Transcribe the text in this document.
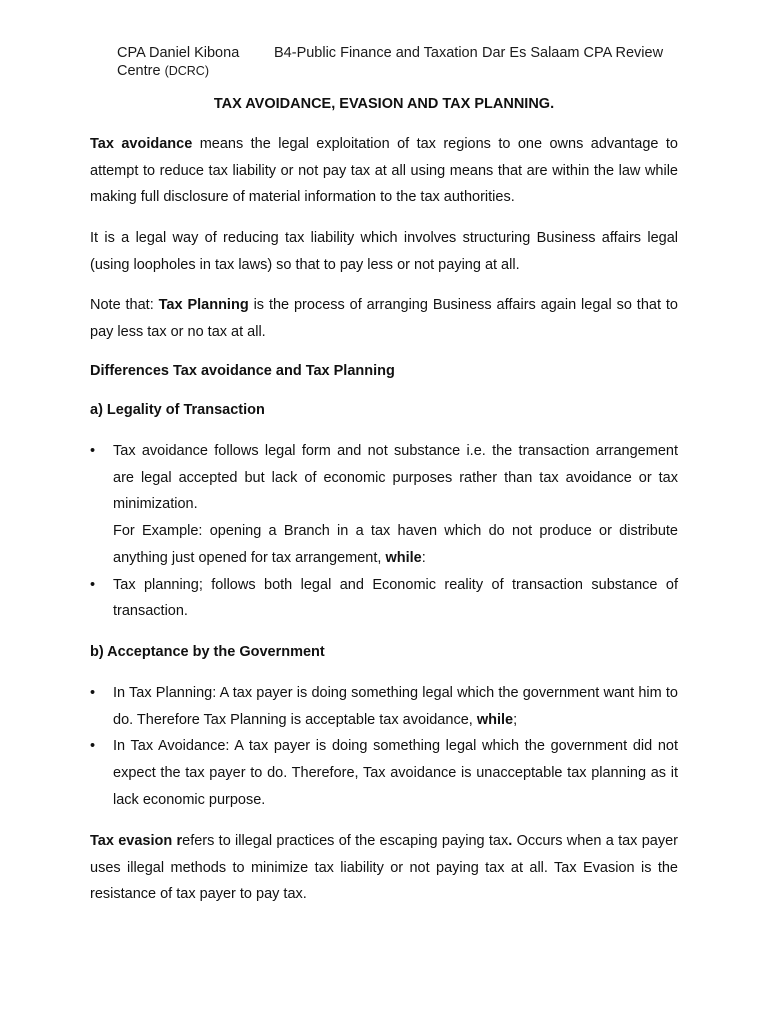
CPA Daniel Kibona B4-Public Finance and Taxation Dar Es Salaam CPA Review
Centre (DCRC)
TAX AVOIDANCE, EVASION AND TAX PLANNING.

Tax avoidance means the legal exploitation of tax regions to one owns advantage to attempt to reduce tax liability or not pay tax at all using means that are within the law while making full disclosure of material information to the tax authorities.

It is a legal way of reducing tax liability which involves structuring Business affairs legal (using loopholes in tax laws) so that to pay less or not paying at all.

Note that: Tax Planning is the process of arranging Business affairs again legal so that to pay less tax or no tax at all.

Differences Tax avoidance and Tax Planning
a) Legality of Transaction
• Tax avoidance follows legal form and not substance i.e. the transaction arrangement are legal accepted but lack of economic purposes rather than tax avoidance or tax minimization.
For Example: opening a Branch in a tax haven which do not produce or distribute anything just opened for tax arrangement, while:
• Tax planning; follows both legal and Economic reality of transaction substance of transaction.
b) Acceptance by the Government
• In Tax Planning: A tax payer is doing something legal which the government want him to do. Therefore Tax Planning is acceptable tax avoidance, while;
• In Tax Avoidance: A tax payer is doing something legal which the government did not expect the tax payer to do. Therefore, Tax avoidance is unacceptable tax planning as it lack economic purpose.

Tax evasion refers to illegal practices of the escaping paying tax. Occurs when a tax payer uses illegal methods to minimize tax liability or not paying tax at all. Tax Evasion is the resistance of tax payer to pay tax.
